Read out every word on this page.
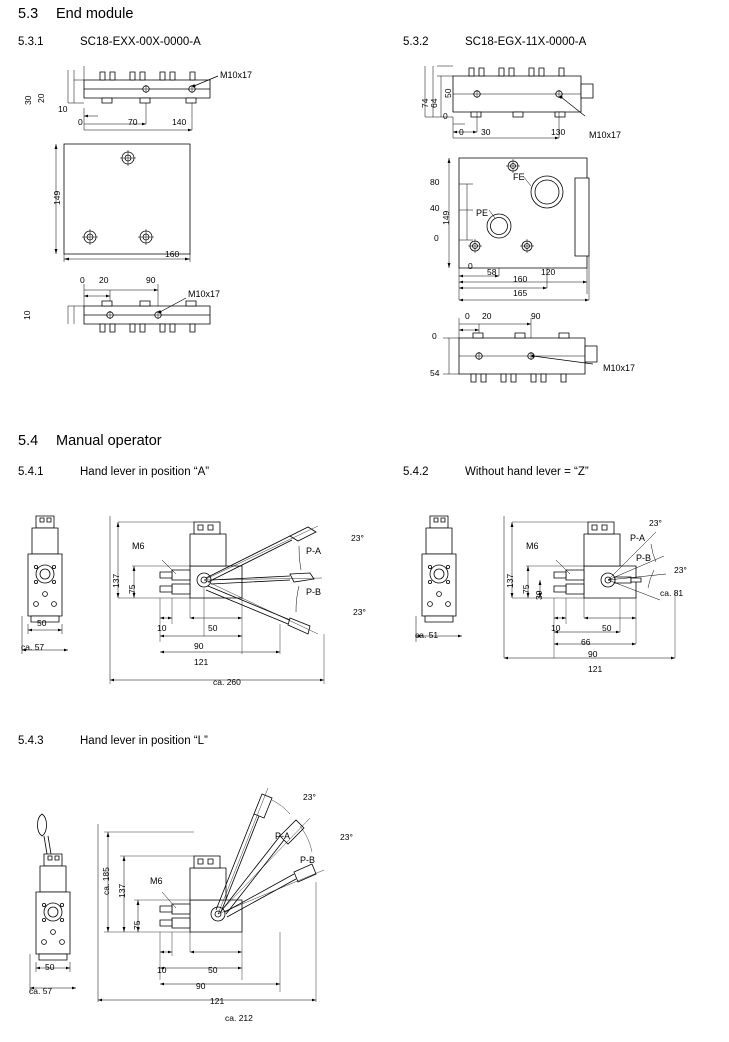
5.3 End module
5.3.1	SC18-EXX-00X-0000-A	5.3.2	SC18-EGX-11X-0000-A
30 20
10
0	70	140
M10x17
149
160
10
0 20	90
M10x17
74 64
50
0
0 30	130	M10x17
149
80
40
0
0
58
160
120
165
PE
FE
0 20	90
0
54	M10x17
5.4 Manual operator
5.4.1	Hand lever in position “A”	5.4.2	Without hand lever = “Z”
50
ca. 57
137
75
10	50
90
121
ca. 260
23°
23°
P-A
P-B
M6
ca. 51
137
75
39
10	50
66
90
121
23°
23°
P-A
P-B
M6
ca. 81
5.4.3	Hand lever in position “L”
50
ca. 57
ca. 185 137
75
10	50
90
121
ca. 212
23°
23°
P-A
P-B
M6
